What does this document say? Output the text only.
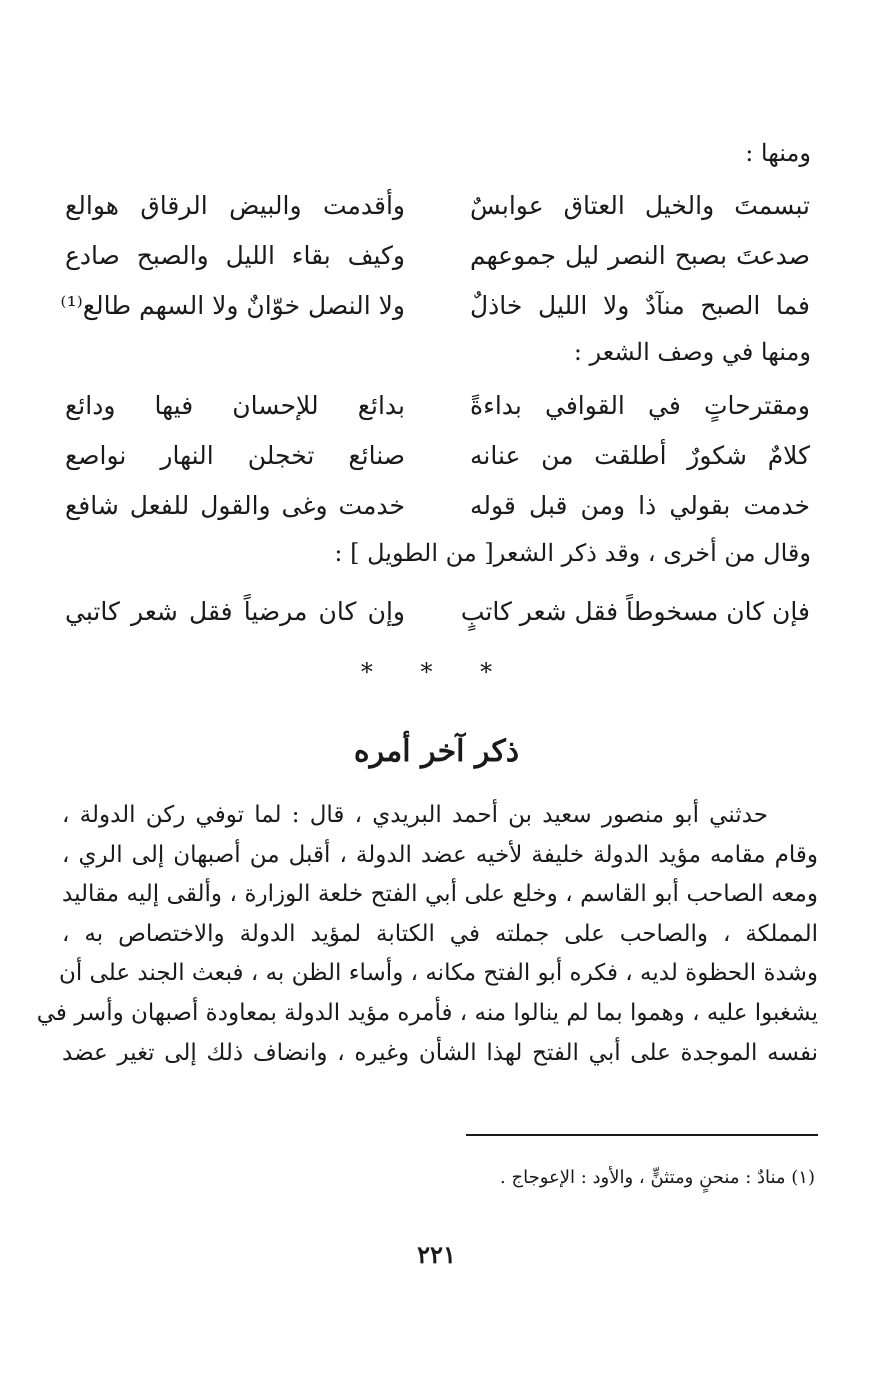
ومنها :
تبسمتَ والخيل العتاق عوابسٌ
وأقدمت والبيض الرقاق هوالع
صدعتَ بصبح النصر ليل جموعهم
وكيف بقاء الليل والصبح صادع
فما الصبح منآدٌ ولا الليل خاذلٌ
ولا النصل خوّانٌ ولا السهم طالع⁽¹⁾
ومنها في وصف الشعر :
ومقترحاتٍ في القوافي بداءةً
بدائع للإحسان فيها ودائع
كلامٌ شكورٌ أطلقت من عنانه
صنائع تخجلن النهار نواصع
خدمت بقولي ذا ومن قبل قوله
خدمت وغى والقول للفعل شافع
وقال من أخرى ، وقد ذكر الشعر[ من الطويل ] :
فإن كان مسخوطاً فقل شعر كاتبٍ
وإن كان مرضياً فقل شعر كاتبي
* * *
ذكر آخر أمره
حدثني أبو منصور سعيد بن أحمد البريدي ، قال : لما توفي ركن الدولة ،
وقام مقامه مؤيد الدولة خليفة لأخيه عضد الدولة ، أقبل من أصبهان إلى الري ،
ومعه الصاحب أبو القاسم ، وخلع على أبي الفتح خلعة الوزارة ، وألقى إليه مقاليد
المملكة ، والصاحب على جملته في الكتابة لمؤيد الدولة والاختصاص به ،
وشدة الحظوة لديه ، فكره أبو الفتح مكانه ، وأساء الظن به ، فبعث الجند على أن
يشغبوا عليه ، وهموا بما لم ينالوا منه ، فأمره مؤيد الدولة بمعاودة أصبهان وأسر في
نفسه الموجدة على أبي الفتح لهذا الشأن وغيره ، وانضاف ذلك إلى تغير عضد
(١) منادٌ : منحنٍ ومتثنٍّ ، والأود : الإعوجاج .
٢٢١
